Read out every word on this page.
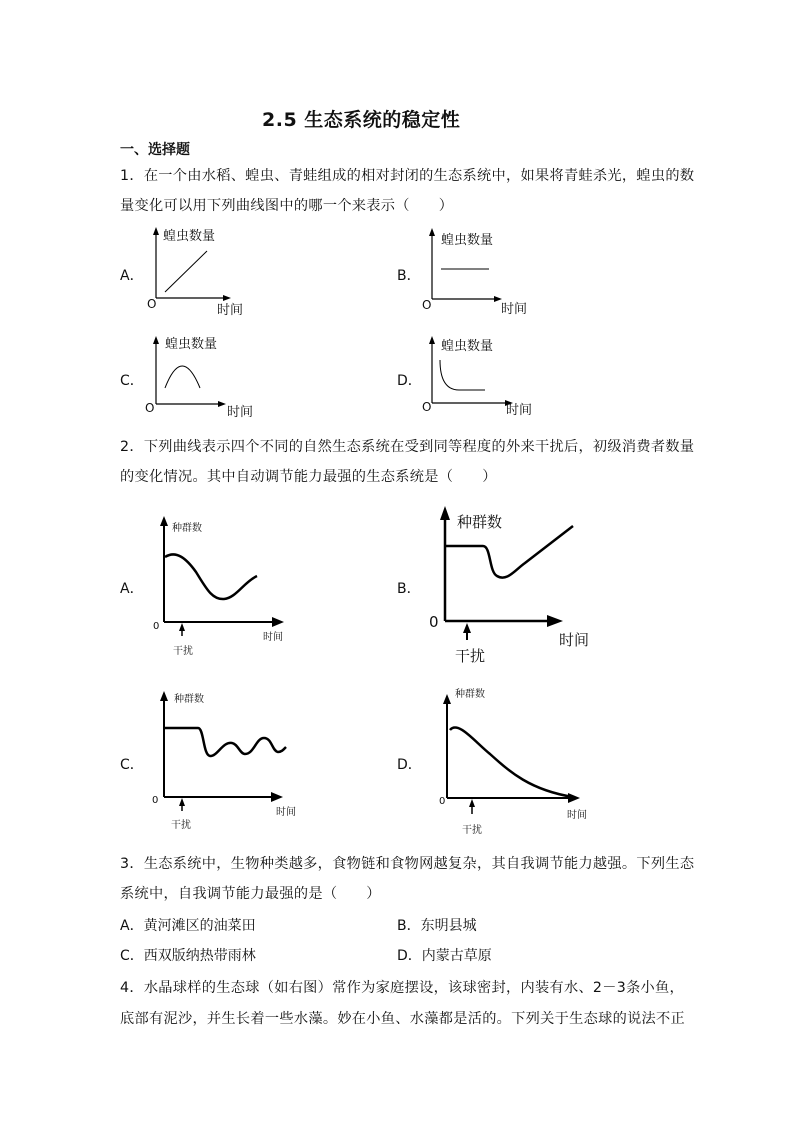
2.5 生态系统的稳定性
一、选择题
1．在一个由水稻、蝗虫、青蛙组成的相对封闭的生态系统中，如果将青蛙杀光，蝗虫的数
量变化可以用下列曲线图中的哪一个来表示（　　）
A．	B．
C．	D．
蝗虫数量
时间
O
蝗虫数量
时间
O
蝗虫数量
时间
O
蝗虫数量
时间
O
2．下列曲线表示四个不同的自然生态系统在受到同等程度的外来干扰后，初级消费者数量
的变化情况。其中自动调节能力最强的生态系统是（　　）
A．	B．
C．	D．
种群数
时间
0
干扰
种群数
时间
0
干扰
种群数
时间
0
干扰
种群数
时间
0
干扰
3．生态系统中，生物种类越多，食物链和食物网越复杂，其自我调节能力越强。下列生态
系统中，自我调节能力最强的是（　　）
A．黄河滩区的油菜田	B．东明县城
C．西双版纳热带雨林	D．内蒙古草原
4．水晶球样的生态球（如右图）常作为家庭摆设，该球密封，内装有水、2－3条小鱼，
底部有泥沙，并生长着一些水藻。妙在小鱼、水藻都是活的。下列关于生态球的说法不正
